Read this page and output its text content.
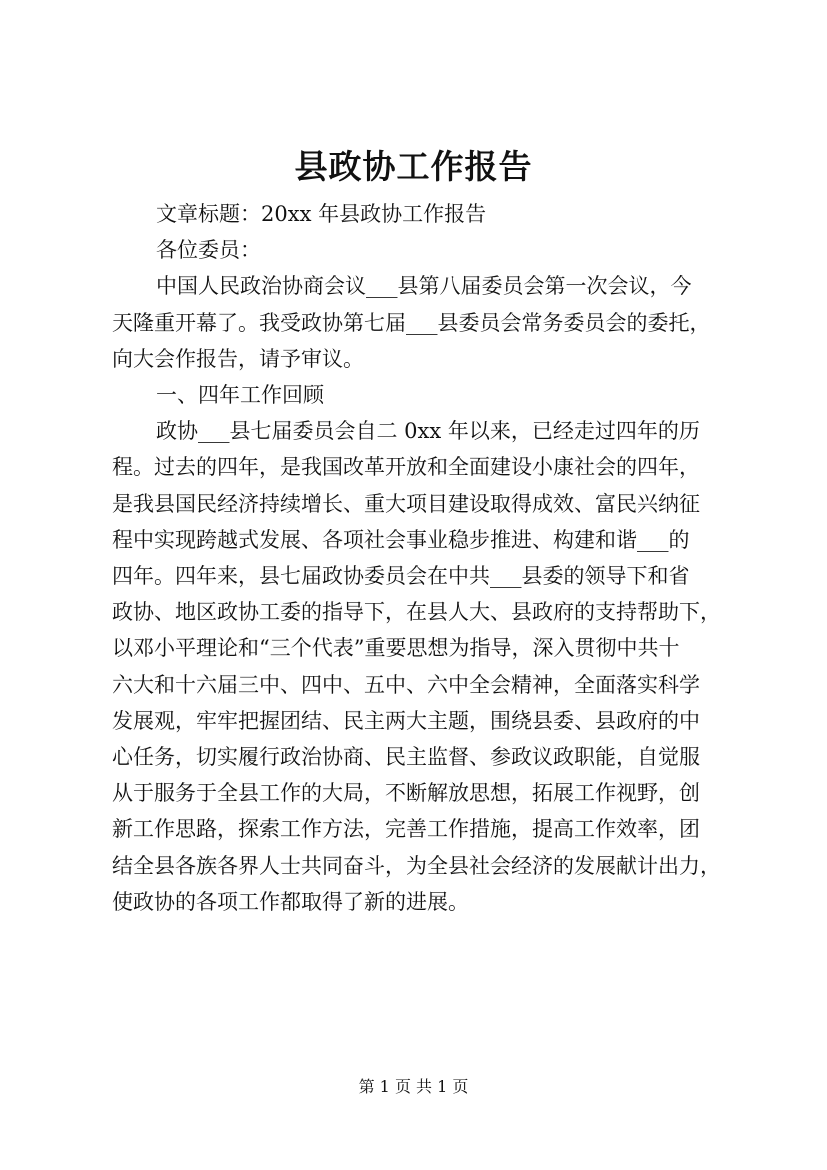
县政协工作报告

文章标题：20xx 年县政协工作报告

各位委员：

中国人民政治协商会议___县第八届委员会第一次会议，今
天隆重开幕了。我受政协第七届___县委员会常务委员会的委托，
向大会作报告，请予审议。

一、四年工作回顾

政协___县七届委员会自二 0xx 年以来，已经走过四年的历
程。过去的四年，是我国改革开放和全面建设小康社会的四年，
是我县国民经济持续增长、重大项目建设取得成效、富民兴纳征
程中实现跨越式发展、各项社会事业稳步推进、构建和谐___的
四年。四年来，县七届政协委员会在中共___县委的领导下和省
政协、地区政协工委的指导下，在县人大、县政府的支持帮助下，
以邓小平理论和“三个代表”重要思想为指导，深入贯彻中共十
六大和十六届三中、四中、五中、六中全会精神，全面落实科学
发展观，牢牢把握团结、民主两大主题，围绕县委、县政府的中
心任务，切实履行政治协商、民主监督、参政议政职能，自觉服
从于服务于全县工作的大局，不断解放思想，拓展工作视野，创
新工作思路，探索工作方法，完善工作措施，提高工作效率，团
结全县各族各界人士共同奋斗，为全县社会经济的发展献计出力，
使政协的各项工作都取得了新的进展。

第 1 页 共 1 页
